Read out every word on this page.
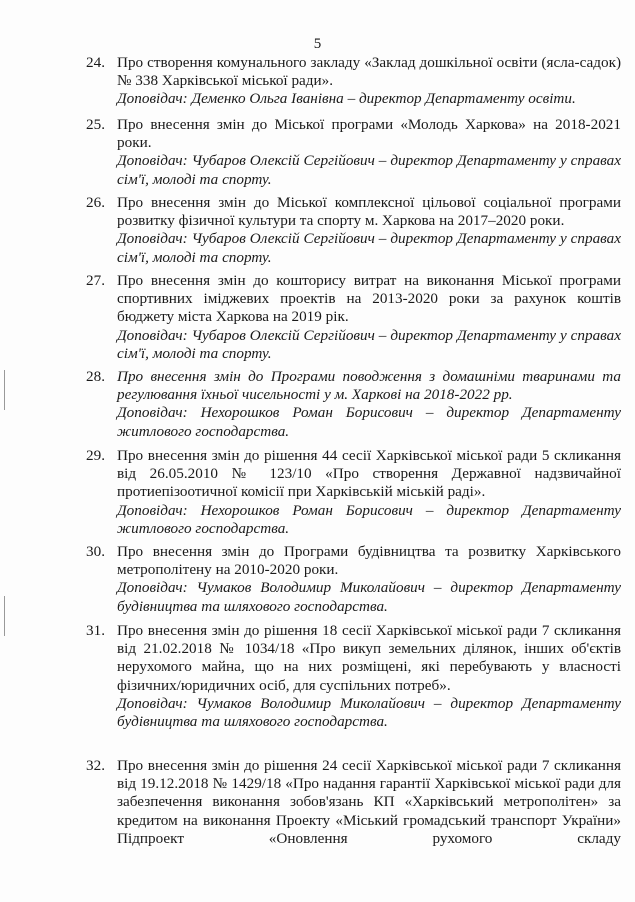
5
24. Про створення комунального закладу «Заклад дошкільної освіти (ясла-садок) № 338 Харківської міської ради».
Доповідач: Деменко Ольга Іванівна – директор Департаменту освіти.
25. Про внесення змін до Міської програми «Молодь Харкова» на 2018-2021 роки.
Доповідач: Чубаров Олексій Сергійович – директор Департаменту у справах сім'ї, молоді та спорту.
26. Про внесення змін до Міської комплексної цільової соціальної програми розвитку фізичної культури та спорту м. Харкова на 2017–2020 роки.
Доповідач: Чубаров Олексій Сергійович – директор Департаменту у справах сім'ї, молоді та спорту.
27. Про внесення змін до кошторису витрат на виконання Міської програми спортивних іміджевих проектів на 2013-2020 роки за рахунок коштів бюджету міста Харкова на 2019 рік.
Доповідач: Чубаров Олексій Сергійович – директор Департаменту у справах сім'ї, молоді та спорту.
28. Про внесення змін до Програми поводження з домашніми тваринами та регулювання їхньої чисельності у м. Харкові на 2018-2022 рр.
Доповідач: Нехорошков Роман Борисович – директор Департаменту житлового господарства.
29. Про внесення змін до рішення 44 сесії Харківської міської ради 5 скликання від 26.05.2010 № 123/10 «Про створення Державної надзвичайної протиепізоотичної комісії при Харківській міській раді».
Доповідач: Нехорошков Роман Борисович – директор Департаменту житлового господарства.
30. Про внесення змін до Програми будівництва та розвитку Харківського метрополітену на 2010-2020 роки.
Доповідач: Чумаков Володимир Миколайович – директор Департаменту будівництва та шляхового господарства.
31. Про внесення змін до рішення 18 сесії Харківської міської ради 7 скликання від 21.02.2018 № 1034/18 «Про викуп земельних ділянок, інших об'єктів нерухомого майна, що на них розміщені, які перебувають у власності фізичних/юридичних осіб, для суспільних потреб».
Доповідач: Чумаков Володимир Миколайович – директор Департаменту будівництва та шляхового господарства.
32. Про внесення змін до рішення 24 сесії Харківської міської ради 7 скликання від 19.12.2018 № 1429/18 «Про надання гарантії Харківської міської ради для забезпечення виконання зобов'язань КП «Харківський метрополітен» за кредитом на виконання Проекту «Міський громадський транспорт України» Підпроект «Оновлення рухомого складу
